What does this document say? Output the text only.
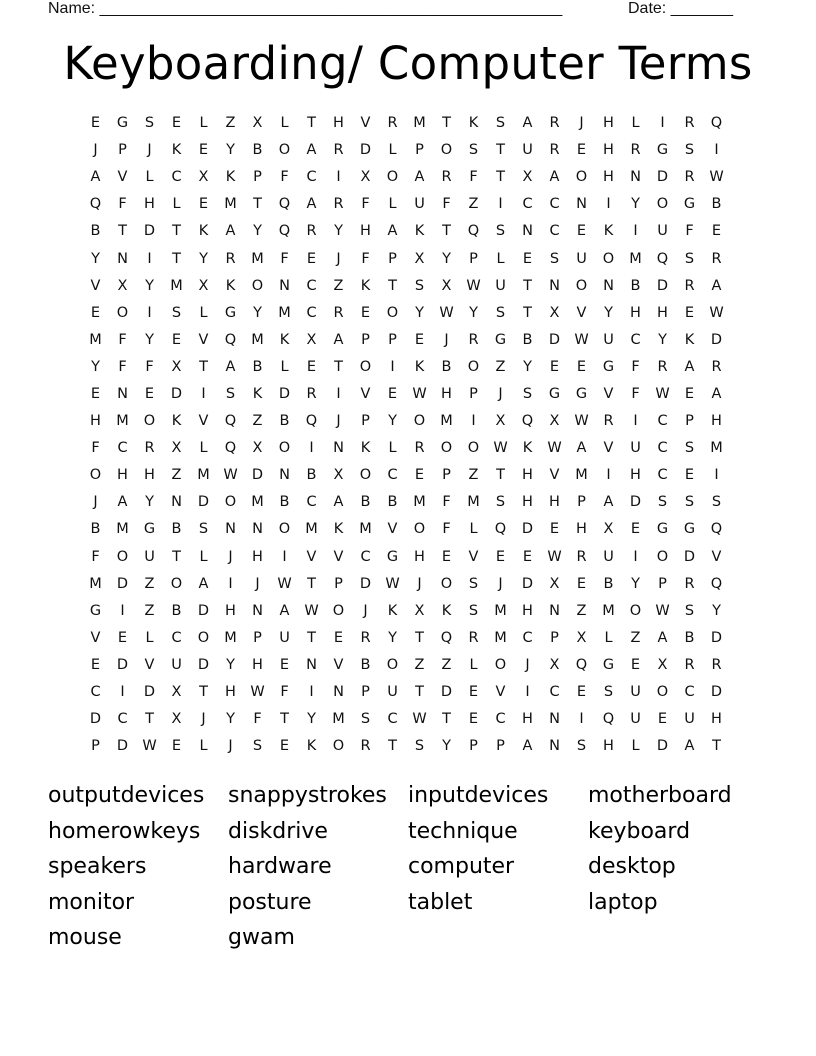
Name: ____________________________________________________	Date: _______
Keyboarding/ Computer Terms
E	G	S	E	L	Z	X	L	T	H	V	R	M	T	K	S	A	R	J	H	L	I	R	Q
J	P	J	K	E	Y	B	O	A	R	D	L	P	O	S	T	U	R	E	H	R	G	S	I
A	V	L	C	X	K	P	F	C	I	X	O	A	R	F	T	X	A	O	H	N	D	R	W
Q	F	H	L	E	M	T	Q	A	R	F	L	U	F	Z	I	C	C	N	I	Y	O	G	B
B	T	D	T	K	A	Y	Q	R	Y	H	A	K	T	Q	S	N	C	E	K	I	U	F	E
Y	N	I	T	Y	R	M	F	E	J	F	P	X	Y	P	L	E	S	U	O	M	Q	S	R
V	X	Y	M	X	K	O	N	C	Z	K	T	S	X	W	U	T	N	O	N	B	D	R	A
E	O	I	S	L	G	Y	M	C	R	E	O	Y	W	Y	S	T	X	V	Y	H	H	E	W
M	F	Y	E	V	Q	M	K	X	A	P	P	E	J	R	G	B	D W	U	C	Y	K	D
Y	F	F	X	T	A	B	L	E	T	O	I	K	B	O	Z	Y	E	E	G	F	R	A	R
E	N	E	D	I	S	K	D	R	I	V	E	W H	P	J	S	G	G	V	F	W	E	A
H	M	O	K	V	Q	Z	B	Q	J	P	Y	O	M	I	X	Q	X	W	R	I	C	P	H
F	C	R	X	L	Q	X	O	I	N	K	L	R	O	O W	K	W	A	V	U	C	S	M
O	H	H	Z	M W D	N	B	X	O	C	E	P	Z	T	H	V	M	I	H	C	E	I
J	A	Y	N	D	O	M	B	C	A	B	B	M	F	M	S	H	H	P	A	D	S	S	S
B	M	G	B	S	N	N	O	M	K	M	V	O	F	L	Q	D	E	H	X	E	G	G	Q
F	O	U	T	L	J	H	I	V	V	C	G	H	E	V	E	E	W	R	U	I	O	D	V
M	D	Z	O	A	I	J	W	T	P	D W	J	O	S	J	D	X	E	B	Y	P	R	Q
G	I	Z	B	D	H	N	A	W O	J	K	X	K	S	M	H	N	Z	M	O W	S	Y
V	E	L	C	O	M	P	U	T	E	R	Y	T	Q	R	M	C	P	X	L	Z	A	B	D
E	D	V	U	D	Y	H	E	N	V	B	O	Z	Z	L	O	J	X	Q	G	E	X	R	R
C	I	D	X	T	H W	F	I	N	P	U	T	D	E	V	I	C	E	S	U	O	C	D
D	C	T	X	J	Y	F	T	Y	M	S	C	W	T	E	C	H	N	I	Q	U	E	U	H
P	D W	E	L	J	S	E	K	O	R	T	S	Y	P	P	A	N	S	H	L	D	A	T
outputdevices	snappystrokes inputdevices	motherboard
homerowkeys	diskdrive	technique	keyboard
speakers	hardware	computer	desktop
monitor	posture	tablet	laptop
mouse	gwam
